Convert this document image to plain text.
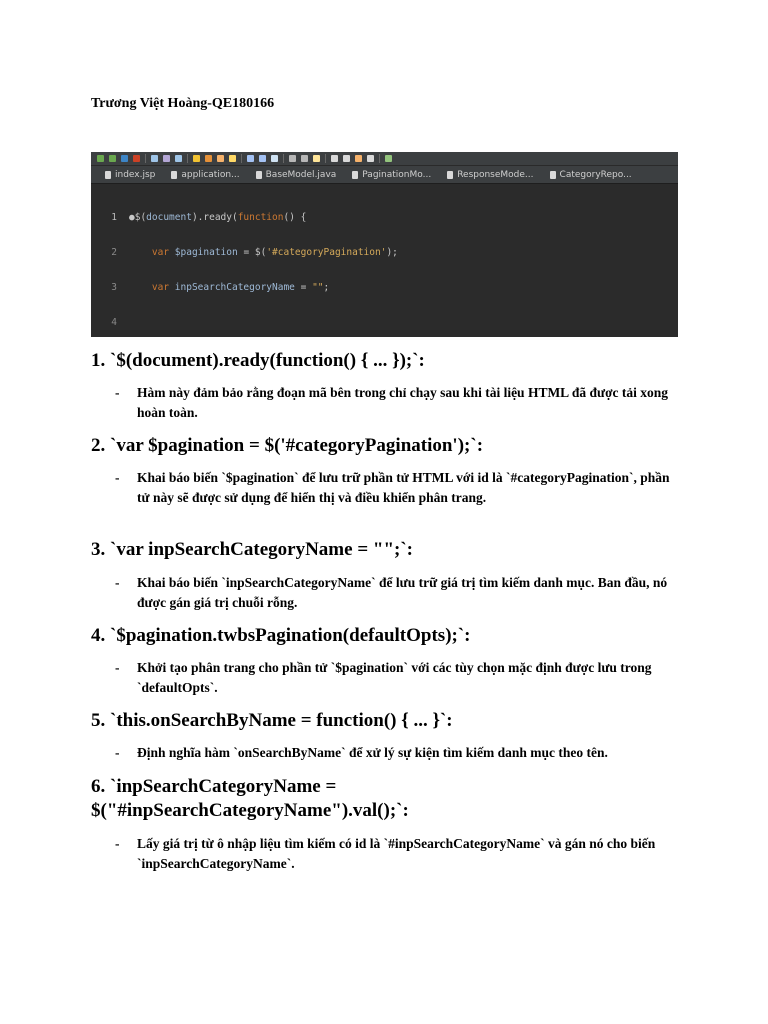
Trương Việt Hoàng-QE180166
index.jsp	application...	BaseModel.java	PaginationMo...	ResponseMode...	CategoryRepo...

1	●$(document).ready(function() {

2	var $pagination = $('#categoryPagination');

3	var inpSearchCategoryName = "";

4

1. `$(document).ready(function() { ... });`:
- Hàm này đảm bảo rằng đoạn mã bên trong chỉ chạy sau khi tài liệu HTML đã được tải xong hoàn toàn.
2. `var $pagination = $('#categoryPagination');`:
- Khai báo biến `$pagination` để lưu trữ phần tử HTML với id là `#categoryPagination`, phần tử này sẽ được sử dụng để hiển thị và điều khiển phân trang.
3. `var inpSearchCategoryName = "";`:
- Khai báo biến `inpSearchCategoryName` để lưu trữ giá trị tìm kiếm danh mục. Ban đầu, nó được gán giá trị chuỗi rỗng.
4. `$pagination.twbsPagination(defaultOpts);`:
- Khởi tạo phân trang cho phần tử `$pagination` với các tùy chọn mặc định được lưu trong `defaultOpts`.
5. `this.onSearchByName = function() { ... }`:
- Định nghĩa hàm `onSearchByName` để xử lý sự kiện tìm kiếm danh mục theo tên.
6. `inpSearchCategoryName = $("#inpSearchCategoryName").val();`:
- Lấy giá trị từ ô nhập liệu tìm kiếm có id là `#inpSearchCategoryName` và gán nó cho biến `inpSearchCategoryName`.
